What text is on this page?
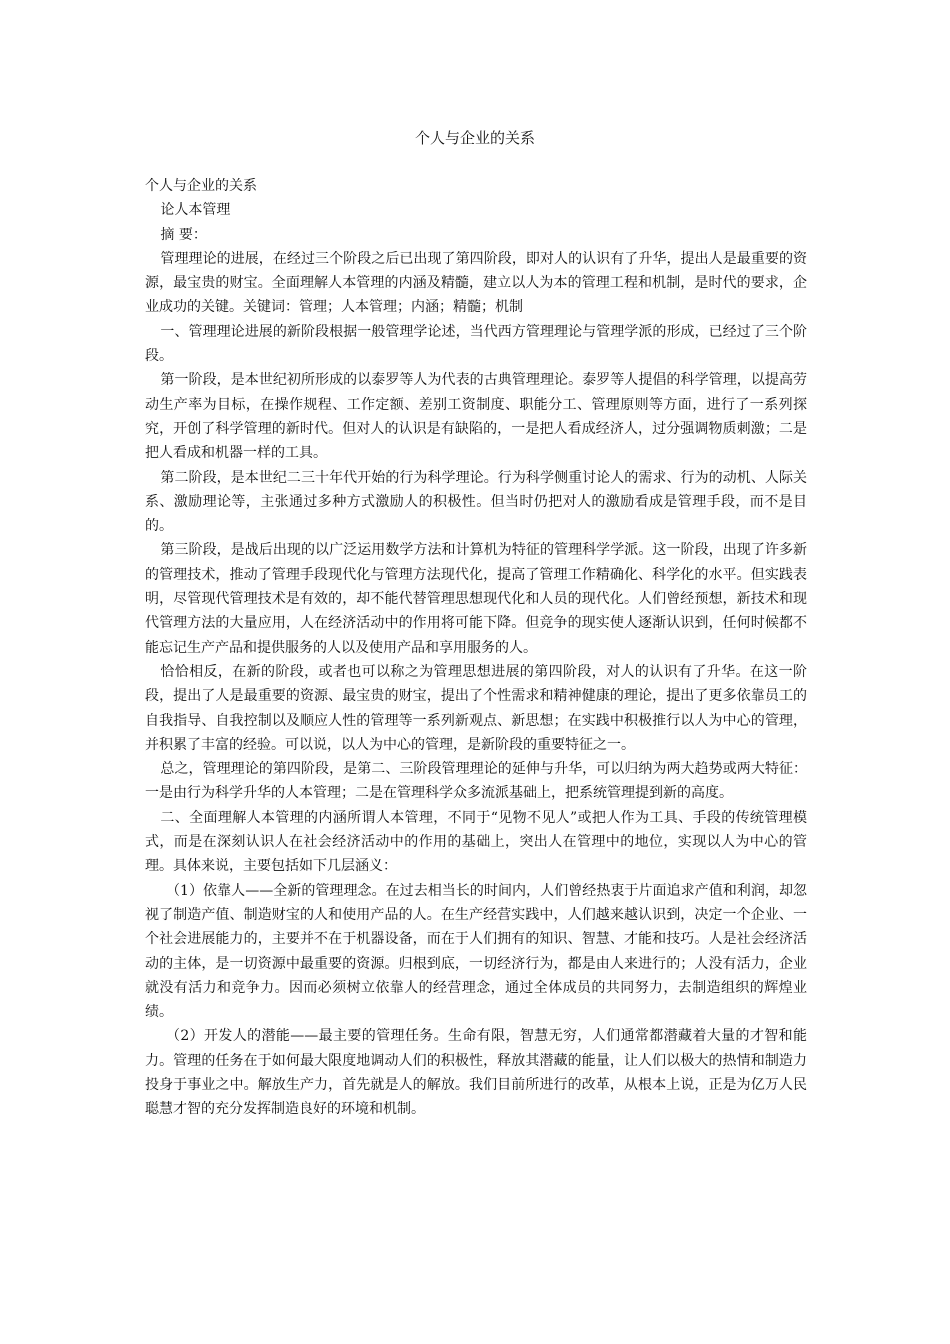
个人与企业的关系

个人与企业的关系

论人本管理

摘 要：

管理理论的进展，在经过三个阶段之后已出现了第四阶段，即对人的认识有了升华，提出人是最重要的资源，最宝贵的财宝。全面理解人本管理的内涵及精髓，建立以人为本的管理工程和机制，是时代的要求，企业成功的关键。关键词：管理；人本管理；内涵；精髓；机制

一、管理理论进展的新阶段根据一般管理学论述，当代西方管理理论与管理学派的形成，已经过了三个阶段。

第一阶段，是本世纪初所形成的以泰罗等人为代表的古典管理理论。泰罗等人提倡的科学管理，以提高劳动生产率为目标，在操作规程、工作定额、差别工资制度、职能分工、管理原则等方面，进行了一系列探究，开创了科学管理的新时代。但对人的认识是有缺陷的，一是把人看成经济人，过分强调物质刺激；二是把人看成和机器一样的工具。

第二阶段，是本世纪二三十年代开始的行为科学理论。行为科学侧重讨论人的需求、行为的动机、人际关系、激励理论等，主张通过多种方式激励人的积极性。但当时仍把对人的激励看成是管理手段，而不是目的。

第三阶段，是战后出现的以广泛运用数学方法和计算机为特征的管理科学学派。这一阶段，出现了许多新的管理技术，推动了管理手段现代化与管理方法现代化，提高了管理工作精确化、科学化的水平。但实践表明，尽管现代管理技术是有效的，却不能代替管理思想现代化和人员的现代化。人们曾经预想，新技术和现代管理方法的大量应用，人在经济活动中的作用将可能下降。但竞争的现实使人逐渐认识到，任何时候都不能忘记生产产品和提供服务的人以及使用产品和享用服务的人。

恰恰相反，在新的阶段，或者也可以称之为管理思想进展的第四阶段，对人的认识有了升华。在这一阶段，提出了人是最重要的资源、最宝贵的财宝，提出了个性需求和精神健康的理论，提出了更多依靠员工的自我指导、自我控制以及顺应人性的管理等一系列新观点、新思想；在实践中积极推行以人为中心的管理，并积累了丰富的经验。可以说，以人为中心的管理，是新阶段的重要特征之一。

总之，管理理论的第四阶段，是第二、三阶段管理理论的延伸与升华，可以归纳为两大趋势或两大特征：一是由行为科学升华的人本管理；二是在管理科学众多流派基础上，把系统管理提到新的高度。

二、全面理解人本管理的内涵所谓人本管理，不同于“见物不见人”或把人作为工具、手段的传统管理模式，而是在深刻认识人在社会经济活动中的作用的基础上，突出人在管理中的地位，实现以人为中心的管理。具体来说，主要包括如下几层涵义：

（1）依靠人——全新的管理理念。在过去相当长的时间内，人们曾经热衷于片面追求产值和利润，却忽视了制造产值、制造财宝的人和使用产品的人。在生产经营实践中，人们越来越认识到，决定一个企业、一个社会进展能力的，主要并不在于机器设备，而在于人们拥有的知识、智慧、才能和技巧。人是社会经济活动的主体，是一切资源中最重要的资源。归根到底，一切经济行为，都是由人来进行的；人没有活力，企业就没有活力和竞争力。因而必须树立依靠人的经营理念，通过全体成员的共同努力，去制造组织的辉煌业绩。

（2）开发人的潜能——最主要的管理任务。生命有限，智慧无穷，人们通常都潜藏着大量的才智和能力。管理的任务在于如何最大限度地调动人们的积极性，释放其潜藏的能量，让人们以极大的热情和制造力投身于事业之中。解放生产力，首先就是人的解放。我们目前所进行的改革，从根本上说，正是为亿万人民聪慧才智的充分发挥制造良好的环境和机制。
